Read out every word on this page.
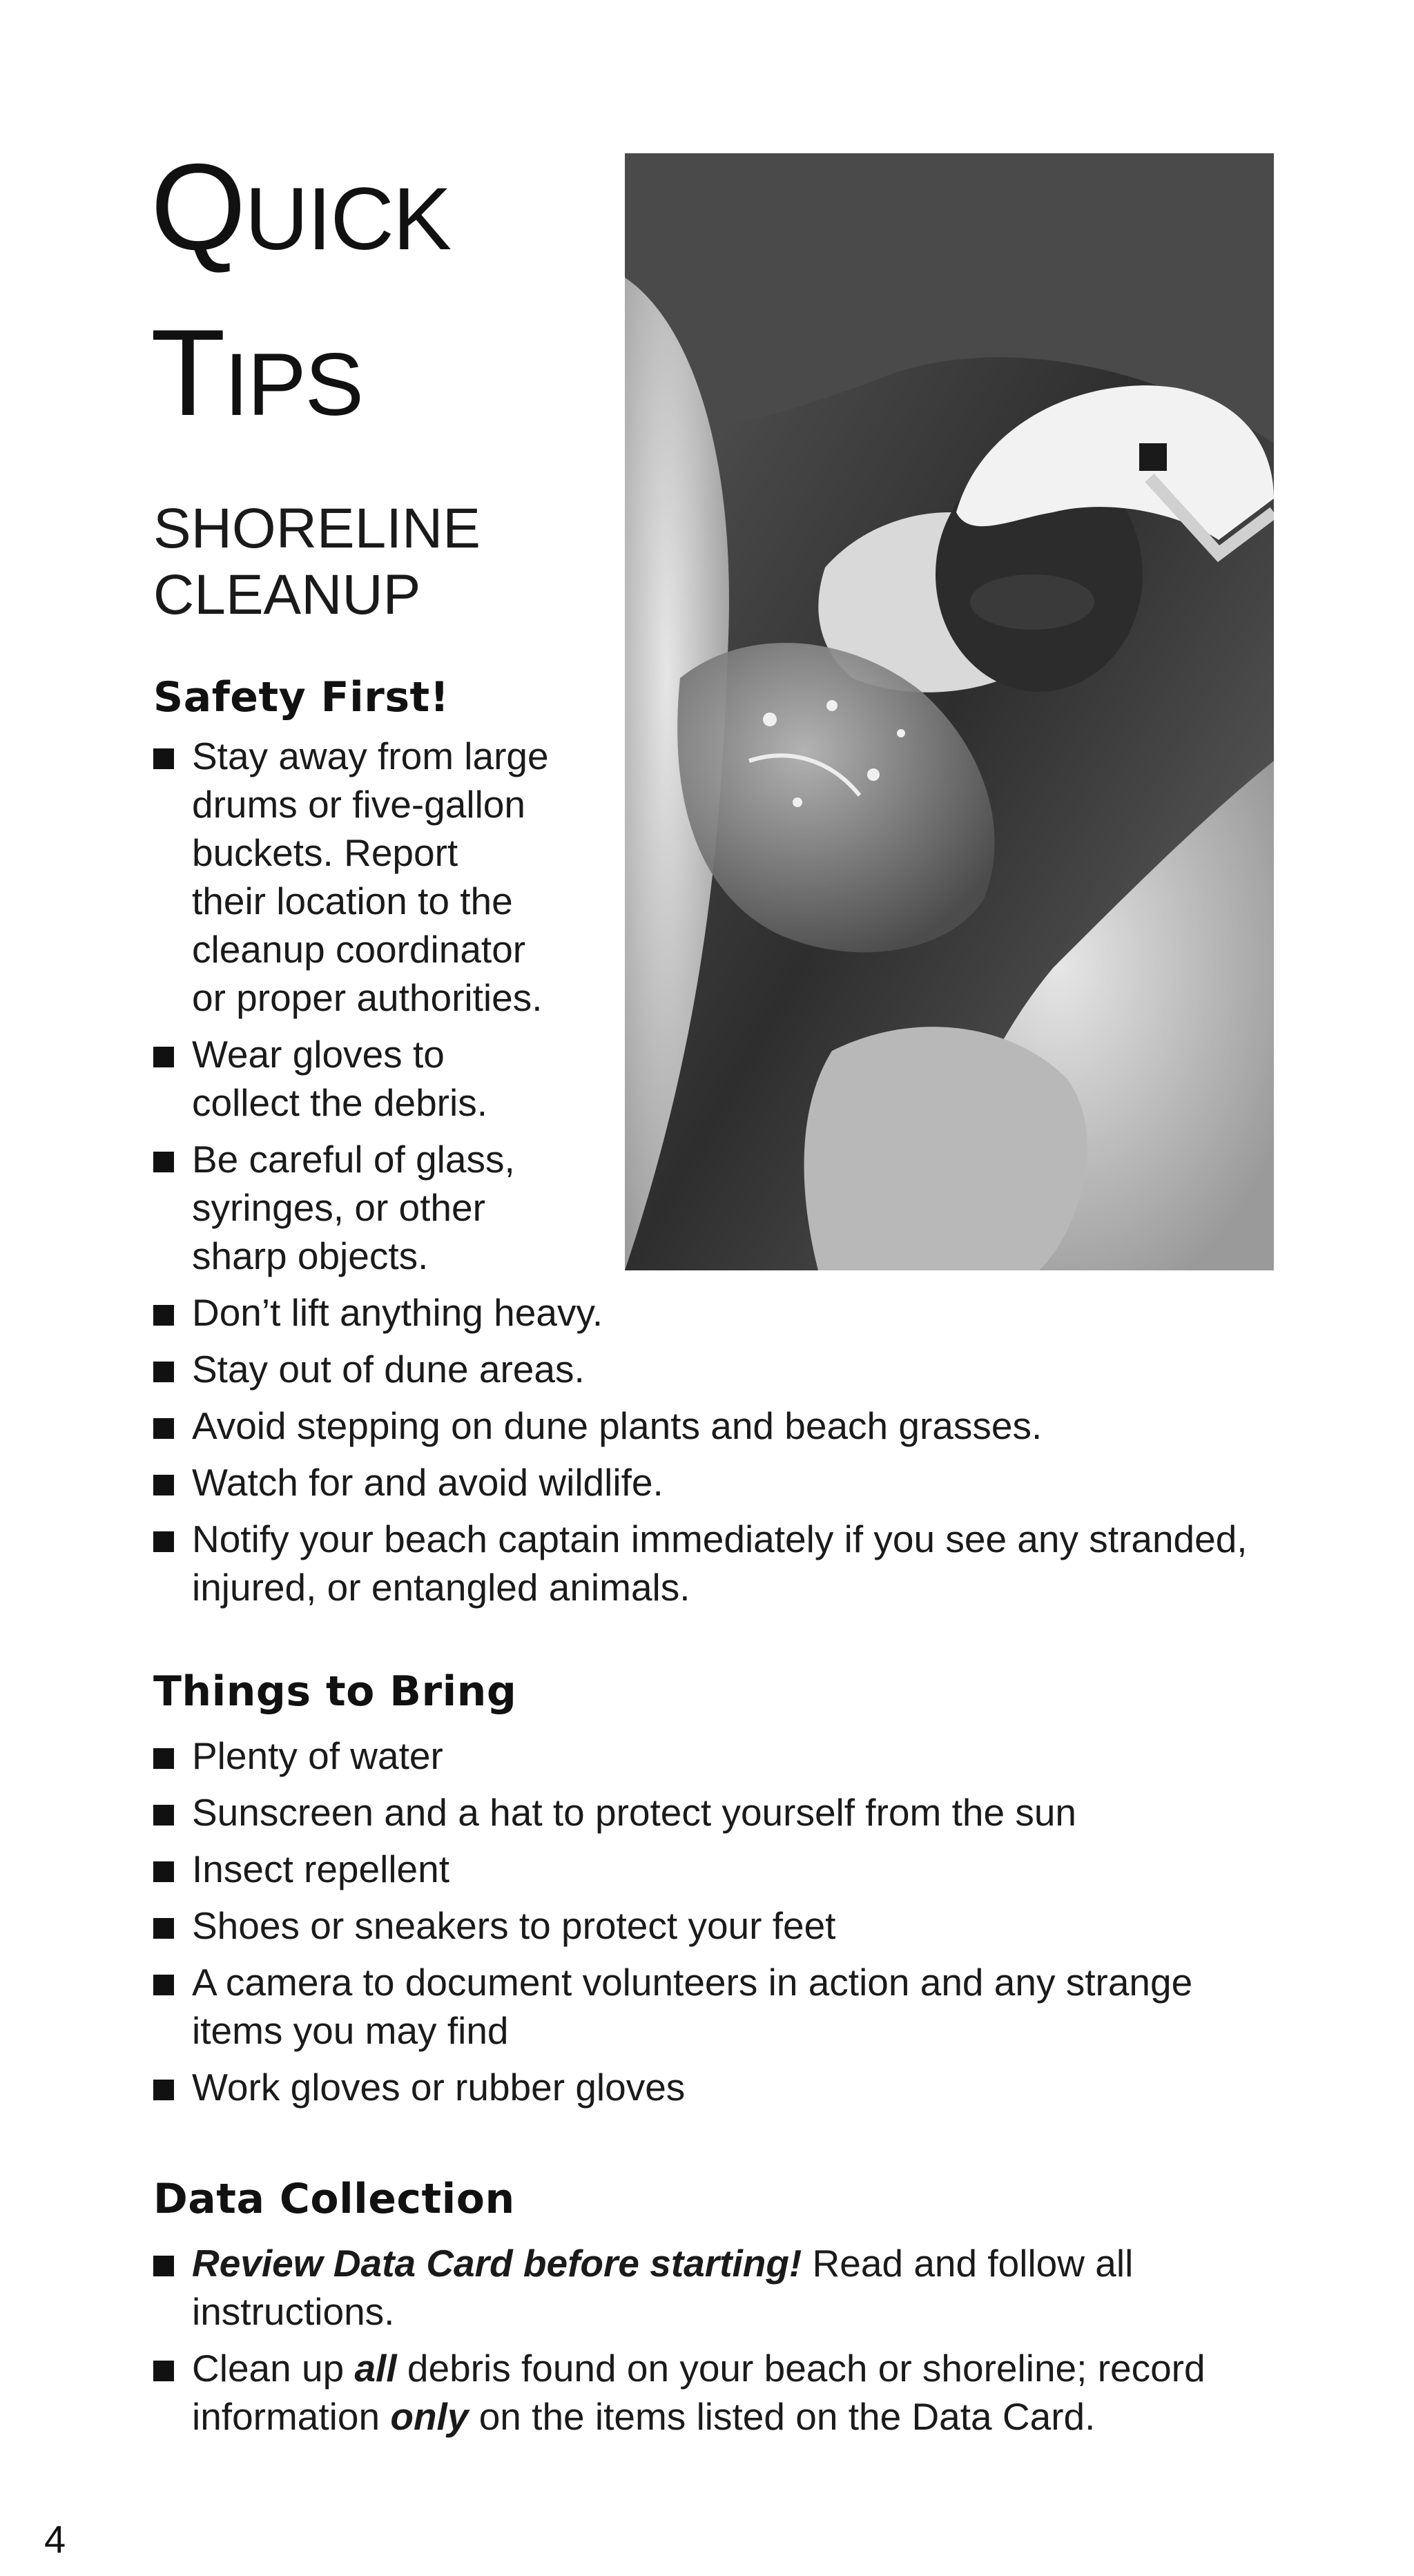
QUICK
TIPS
SHORELINE
CLEANUP
Safety First!
Stay away from large
drums or five-gallon
buckets. Report
their location to the
cleanup coordinator
or proper authorities.
Wear gloves to
collect the debris.
Be careful of glass,
syringes, or other
sharp objects.
Don’t lift anything heavy.
Stay out of dune areas.
Avoid stepping on dune plants and beach grasses.
Watch for and avoid wildlife.
Notify your beach captain immediately if you see any stranded,
injured, or entangled animals.
Things to Bring
Plenty of water
Sunscreen and a hat to protect yourself from the sun
Insect repellent
Shoes or sneakers to protect your feet
A camera to document volunteers in action and any strange
items you may find
Work gloves or rubber gloves
Data Collection
Review Data Card before starting! Read and follow all
instructions.
Clean up all debris found on your beach or shoreline; record
information only on the items listed on the Data Card.
4
